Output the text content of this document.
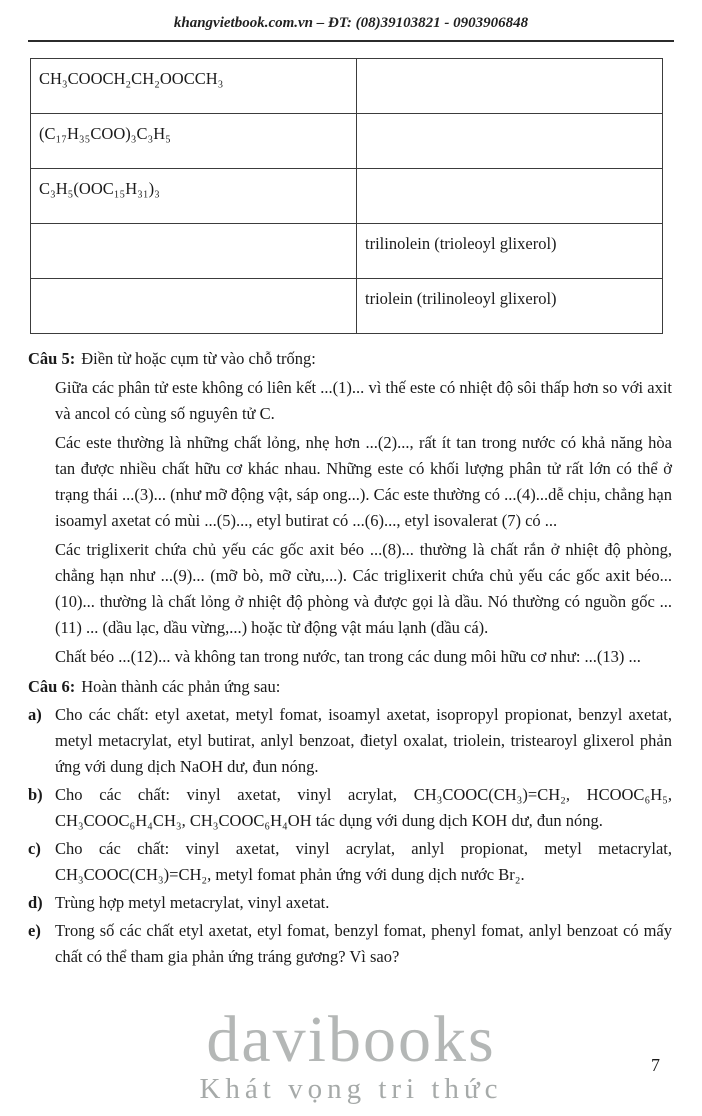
khangvietbook.com.vn – ĐT: (08)39103821 - 0903906848
CH₃COOCH₂CH₂OOCCH₃	
(C₁₇H₃₅COO)₃C₃H₅	
C₃H₅(OOC₁₅H₃₁)₃	
	trilinolein (trioleoyl glixerol)
	triolein (trilinoleoyl glixerol)
Câu 5: Điền từ hoặc cụm từ vào chỗ trống:

Giữa các phân tử este không có liên kết ...(1)... vì thế este có nhiệt độ sôi thấp hơn so với axit và ancol có cùng số nguyên tử C.

Các este thường là những chất lỏng, nhẹ hơn ...(2)..., rất ít tan trong nước có khả năng hòa tan được nhiều chất hữu cơ khác nhau. Những este có khối lượng phân tử rất lớn có thể ở trạng thái ...(3)... (như mỡ động vật, sáp ong...). Các este thường có ...(4)...dễ chịu, chẳng hạn isoamyl axetat có mùi ...(5)..., etyl butirat có ...(6)..., etyl isovalerat (7) có ...

Các triglixerit chứa chủ yếu các gốc axit béo ...(8)... thường là chất rắn ở nhiệt độ phòng, chẳng hạn như ...(9)... (mỡ bò, mỡ cừu,...). Các triglixerit chứa chủ yếu các gốc axit béo... (10)... thường là chất lỏng ở nhiệt độ phòng và được gọi là dầu. Nó thường có nguồn gốc ...(11) ... (dầu lạc, dầu vừng,...) hoặc từ động vật máu lạnh (dầu cá).

Chất béo ...(12)... và không tan trong nước, tan trong các dung môi hữu cơ như: ...(13) ...

Câu 6: Hoàn thành các phản ứng sau:
a) Cho các chất: etyl axetat, metyl fomat, isoamyl axetat, isopropyl propionat, benzyl axetat, metyl metacrylat, etyl butirat, anlyl benzoat, đietyl oxalat, triolein, tristearoyl glixerol phản ứng với dung dịch NaOH dư, đun nóng.
b) Cho các chất: vinyl axetat, vinyl acrylat, CH₃COOC(CH₃)=CH₂, HCOOC₆H₅, CH₃COOC₆H₄CH₃, CH₃COOC₆H₄OH tác dụng với dung dịch KOH dư, đun nóng.
c) Cho các chất: vinyl axetat, vinyl acrylat, anlyl propionat, metyl metacrylat, CH₃COOC(CH₃)=CH₂, metyl fomat phản ứng với dung dịch nước Br₂.
d) Trùng hợp metyl metacrylat, vinyl axetat.
e) Trong số các chất etyl axetat, etyl fomat, benzyl fomat, phenyl fomat, anlyl benzoat có mấy chất có thể tham gia phản ứng tráng gương? Vì sao?
davibooks
Khát vọng tri thức
7
